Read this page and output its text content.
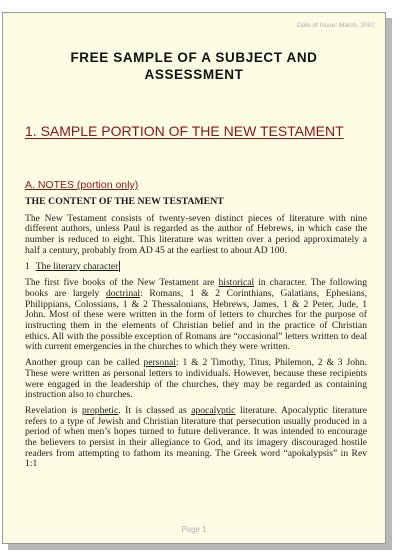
Date of Issue: March, 2007
FREE SAMPLE OF A SUBJECT AND
ASSESSMENT
1. SAMPLE PORTION OF THE NEW TESTAMENT
A. NOTES (portion only)
THE CONTENT OF THE NEW TESTAMENT

The New Testament consists of twenty-seven distinct pieces of literature with nine different authors, unless Paul is regarded as the author of Hebrews, in which case the number is reduced to eight. This literature was written over a period approximately a half a century, probably from AD 45 at the earliest to about AD 100.

1 The literary character

The first five books of the New Testament are historical in character. The following books are largely doctrinal: Romans, 1 & 2 Corinthians, Galatians, Ephesians, Philippians, Colossians, 1 & 2 Thessalonians, Hebrews, James, 1 & 2 Peter, Jude, 1 John. Most of these were written in the form of letters to churches for the purpose of instructing them in the elements of Christian belief and in the practice of Christian ethics. All with the possible exception of Romans are “occasional” letters written to deal with current emergencies in the churches to which they were written.

Another group can be called personal: 1 & 2 Timothy, Titus, Philemon, 2 & 3 John. These were written as personal letters to individuals. However, because these recipients were engaged in the leadership of the churches, they may be regarded as containing instruction also to churches.

Revelation is prophetic. It is classed as apocalyptic literature. Apocalyptic literature refers to a type of Jewish and Christian literature that persecution usually produced in a period of when men’s hopes turned to future deliverance. It was intended to encourage the believers to persist in their allegiance to God, and its imagery discouraged hostile readers from attempting to fathom its meaning. The Greek word “apokalypsis” in Rev 1:1

Page 1
